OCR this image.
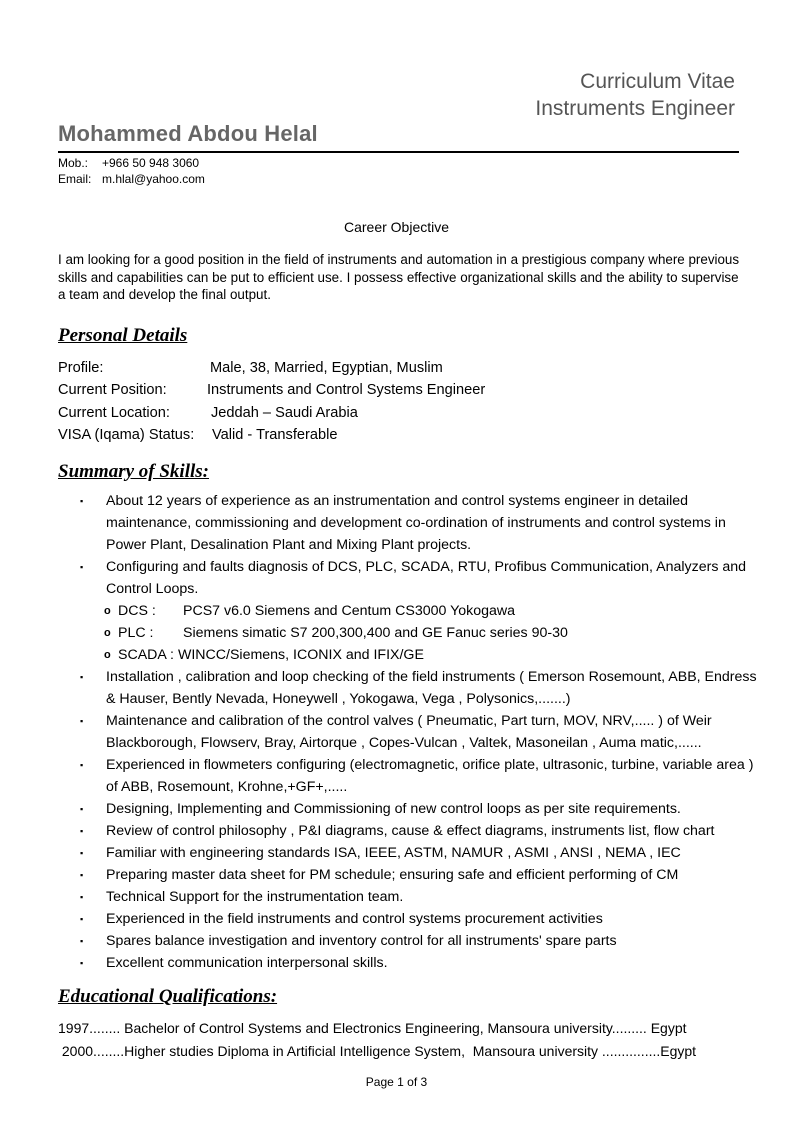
Curriculum Vitae
Instruments Engineer
Mohammed Abdou Helal
Mob.: +966 50 948 3060
Email: m.hlal@yahoo.com
Career Objective
I am looking for a good position in the field of instruments and automation in a prestigious company where previous skills and capabilities can be put to efficient use. I possess effective organizational skills and the ability to supervise a team and develop the final output.
Personal Details
Profile:	Male, 38, Married, Egyptian, Muslim
Current Position:	Instruments and Control Systems Engineer
Current Location:	Jeddah – Saudi Arabia
VISA (Iqama) Status: Valid - Transferable
Summary of Skills:
▪ About 12 years of experience as an instrumentation and control systems engineer in detailed maintenance, commissioning and development co-ordination of instruments and control systems in Power Plant, Desalination Plant and Mixing Plant projects.
▪ Configuring and faults diagnosis of DCS, PLC, SCADA, RTU, Profibus Communication, Analyzers and Control Loops.
o DCS : PCS7 v6.0 Siemens and Centum CS3000 Yokogawa
o PLC : Siemens simatic S7 200,300,400 and GE Fanuc series 90-30
o SCADA : WINCC/Siemens, ICONIX and IFIX/GE
▪ Installation , calibration and loop checking of the field instruments ( Emerson Rosemount, ABB, Endress & Hauser, Bently Nevada, Honeywell , Yokogawa, Vega , Polysonics,.......)
▪ Maintenance and calibration of the control valves ( Pneumatic, Part turn, MOV, NRV,..... ) of Weir Blackborough, Flowserv, Bray, Airtorque , Copes-Vulcan , Valtek, Masoneilan , Auma matic,......
▪ Experienced in flowmeters configuring (electromagnetic, orifice plate, ultrasonic, turbine, variable area ) of ABB, Rosemount, Krohne,+GF+,.....
▪ Designing, Implementing and Commissioning of new control loops as per site requirements.
▪ Review of control philosophy , P&I diagrams, cause & effect diagrams, instruments list, flow chart
▪ Familiar with engineering standards ISA, IEEE, ASTM, NAMUR , ASMI , ANSI , NEMA , IEC
▪ Preparing master data sheet for PM schedule; ensuring safe and efficient performing of CM
▪ Technical Support for the instrumentation team.
▪ Experienced in the field instruments and control systems procurement activities
▪ Spares balance investigation and inventory control for all instruments' spare parts
▪ Excellent communication interpersonal skills.
Educational Qualifications:
1997........ Bachelor of Control Systems and Electronics Engineering, Mansoura university......... Egypt
2000........Higher studies Diploma in Artificial Intelligence System,  Mansoura university ...............Egypt
Page 1 of 3
